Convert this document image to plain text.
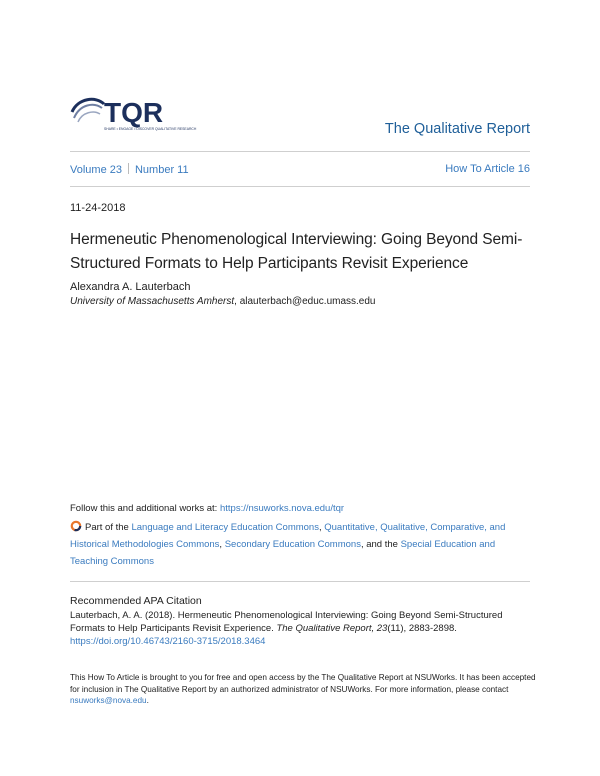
TQR
SHARE • ENGAGE • DISCOVER QUALITATIVE RESEARCH	The Qualitative Report
Volume 23 Number 11	How To Article 16
11-24-2018
Hermeneutic Phenomenological Interviewing: Going Beyond Semi-Structured Formats to Help Participants Revisit Experience
Alexandra A. Lauterbach
University of Massachusetts Amherst, alauterbach@educ.umass.edu
Follow this and additional works at: https://nsuworks.nova.edu/tqr
Part of the Language and Literacy Education Commons, Quantitative, Qualitative, Comparative, and Historical Methodologies Commons, Secondary Education Commons, and the Special Education and Teaching Commons
Recommended APA Citation
Lauterbach, A. A. (2018). Hermeneutic Phenomenological Interviewing: Going Beyond Semi-Structured Formats to Help Participants Revisit Experience. The Qualitative Report, 23(11), 2883-2898. https://doi.org/10.46743/2160-3715/2018.3464
This How To Article is brought to you for free and open access by the The Qualitative Report at NSUWorks. It has been accepted for inclusion in The Qualitative Report by an authorized administrator of NSUWorks. For more information, please contact nsuworks@nova.edu.
